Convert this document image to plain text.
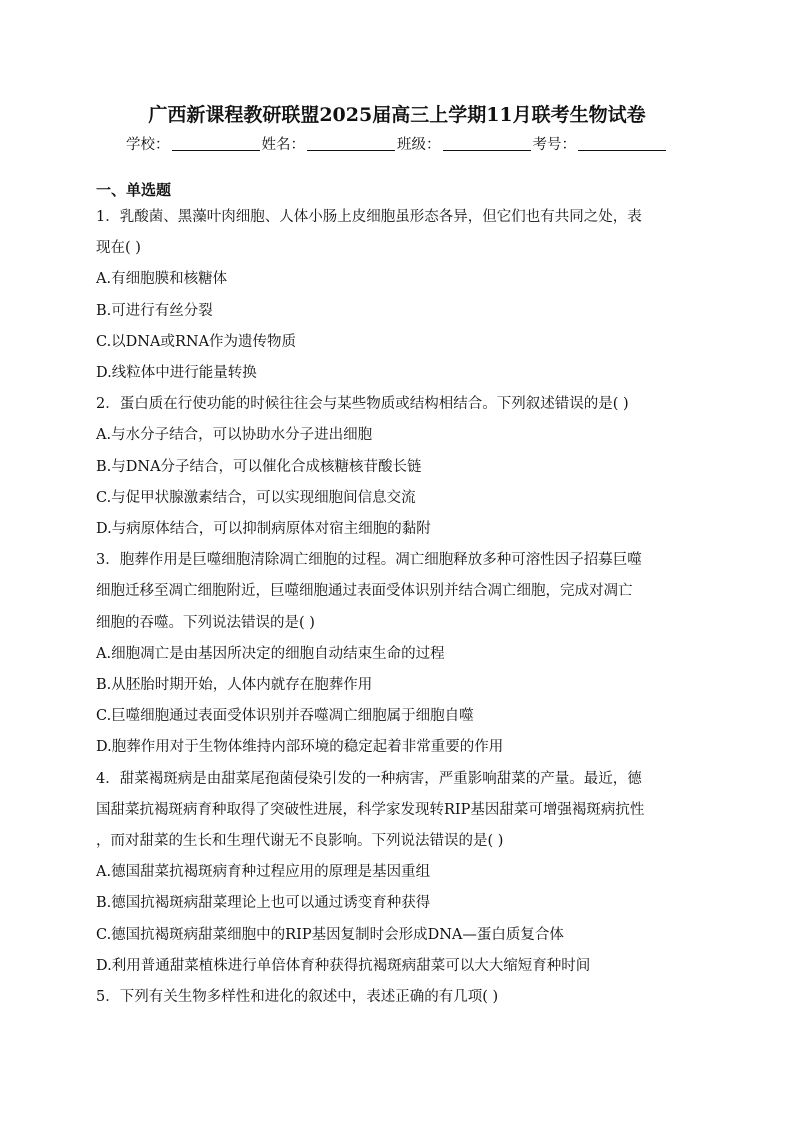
广西新课程教研联盟2025届高三上学期11月联考生物试卷
学校：	姓名：	班级：	考号：
一、单选题
1．乳酸菌、黑藻叶肉细胞、人体小肠上皮细胞虽形态各异，但它们也有共同之处，表
现在( )
A.有细胞膜和核糖体
B.可进行有丝分裂
C.以DNA或RNA作为遗传物质
D.线粒体中进行能量转换
2．蛋白质在行使功能的时候往往会与某些物质或结构相结合。下列叙述错误的是( )
A.与水分子结合，可以协助水分子进出细胞
B.与DNA分子结合，可以催化合成核糖核苷酸长链
C.与促甲状腺激素结合，可以实现细胞间信息交流
D.与病原体结合，可以抑制病原体对宿主细胞的黏附
3．胞葬作用是巨噬细胞清除凋亡细胞的过程。凋亡细胞释放多种可溶性因子招募巨噬
细胞迁移至凋亡细胞附近，巨噬细胞通过表面受体识别并结合凋亡细胞，完成对凋亡
细胞的吞噬。下列说法错误的是( )
A.细胞凋亡是由基因所决定的细胞自动结束生命的过程
B.从胚胎时期开始，人体内就存在胞葬作用
C.巨噬细胞通过表面受体识别并吞噬凋亡细胞属于细胞自噬
D.胞葬作用对于生物体维持内部环境的稳定起着非常重要的作用
4．甜菜褐斑病是由甜菜尾孢菌侵染引发的一种病害，严重影响甜菜的产量。最近，德
国甜菜抗褐斑病育种取得了突破性进展，科学家发现转RIP基因甜菜可增强褐斑病抗性
，而对甜菜的生长和生理代谢无不良影响。下列说法错误的是( )
A.德国甜菜抗褐斑病育种过程应用的原理是基因重组
B.德国抗褐斑病甜菜理论上也可以通过诱变育种获得
C.德国抗褐斑病甜菜细胞中的RIP基因复制时会形成DNA—蛋白质复合体
D.利用普通甜菜植株进行单倍体育种获得抗褐斑病甜菜可以大大缩短育种时间
5．下列有关生物多样性和进化的叙述中，表述正确的有几项( )
